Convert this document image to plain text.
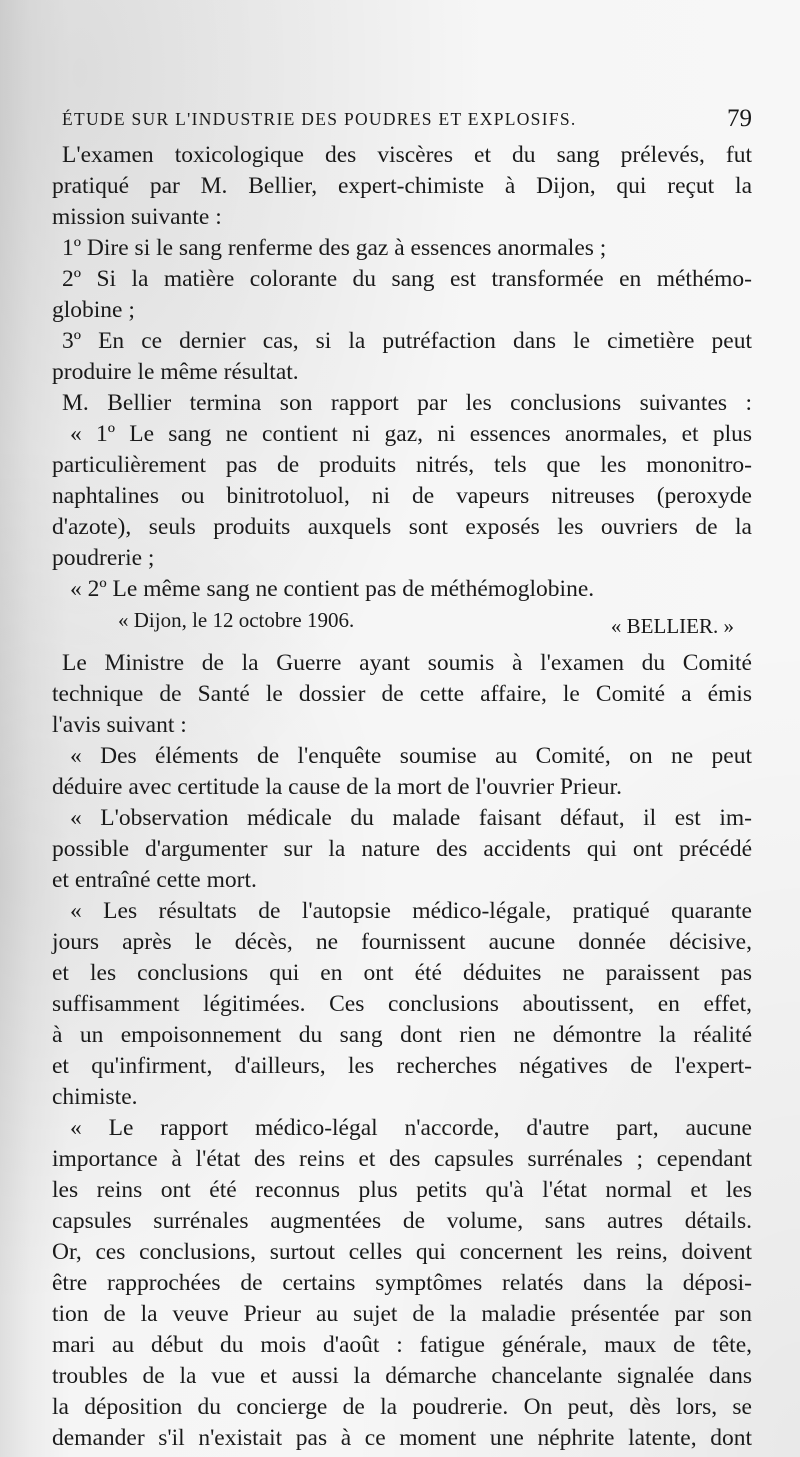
ÉTUDE SUR L'INDUSTRIE DES POUDRES ET EXPLOSIFS.	79
L'examen toxicologique des viscères et du sang prélevés, fut
pratiqué par M. Bellier, expert-chimiste à Dijon, qui reçut la
mission suivante :
1º Dire si le sang renferme des gaz à essences anormales ;
2º Si la matière colorante du sang est transformée en méthémo-
globine ;
3º En ce dernier cas, si la putréfaction dans le cimetière peut
produire le même résultat.
M. Bellier termina son rapport par les conclusions suivantes :
« 1º Le sang ne contient ni gaz, ni essences anormales, et plus
particulièrement pas de produits nitrés, tels que les mononitro-
naphtalines ou binitrotoluol, ni de vapeurs nitreuses (peroxyde
d'azote), seuls produits auxquels sont exposés les ouvriers de la
poudrerie ;
« 2º Le même sang ne contient pas de méthémoglobine.
« Dijon, le 12 octobre 1906.	« BELLIER. »
Le Ministre de la Guerre ayant soumis à l'examen du Comité
technique de Santé le dossier de cette affaire, le Comité a émis
l'avis suivant :
« Des éléments de l'enquête soumise au Comité, on ne peut
déduire avec certitude la cause de la mort de l'ouvrier Prieur.
« L'observation médicale du malade faisant défaut, il est im-
possible d'argumenter sur la nature des accidents qui ont précédé
et entraîné cette mort.
« Les résultats de l'autopsie médico-légale, pratiqué quarante
jours après le décès, ne fournissent aucune donnée décisive,
et les conclusions qui en ont été déduites ne paraissent pas
suffisamment légitimées. Ces conclusions aboutissent, en effet,
à un empoisonnement du sang dont rien ne démontre la réalité
et qu'infirment, d'ailleurs, les recherches négatives de l'expert-
chimiste.
« Le rapport médico-légal n'accorde, d'autre part, aucune
importance à l'état des reins et des capsules surrénales ; cependant
les reins ont été reconnus plus petits qu'à l'état normal et les
capsules surrénales augmentées de volume, sans autres détails.
Or, ces conclusions, surtout celles qui concernent les reins, doivent
être rapprochées de certains symptômes relatés dans la déposi-
tion de la veuve Prieur au sujet de la maladie présentée par son
mari au début du mois d'août : fatigue générale, maux de tête,
troubles de la vue et aussi la démarche chancelante signalée dans
la déposition du concierge de la poudrerie. On peut, dès lors, se
demander s'il n'existait pas à ce moment une néphrite latente, dont
